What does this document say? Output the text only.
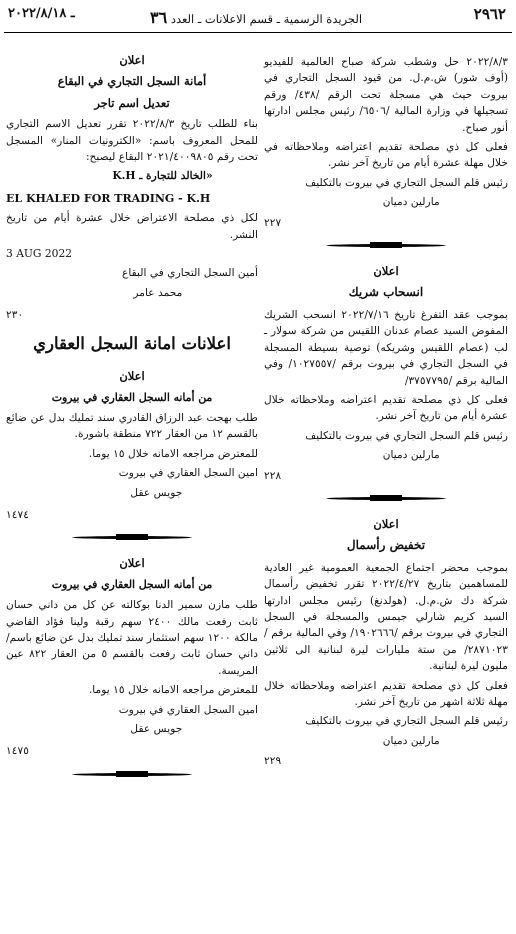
ـ ٢٠٢٢/٨/١٨	الجريدة الرسمية ـ قسم الاعلانات ـ العدد ٣٦	٢٩٦٢

٢٠٢٢/٨/٣ حل وشطب شركة صباح العالمية للفيديو (أوف شور) ش.م.ل. من قيود السجل التجاري في بيروت حيث هي مسجلة تحت الرقم /٤٣٨/ ورقم تسجيلها في وزارة المالية /٦٥٠٦/ رئيس مجلس ادارتها أنور صباح.

فعلى كل ذي مصلحة تقديم اعتراضه وملاحظاته في خلال مهلة عشرة أيام من تاريخ آخر نشر.

رئيس قلم السجل التجاري في بيروت بالتكليف

مارلين دميان

٢٢٧

اعلان

انسحاب شريك

بموجب عقد التفرغ تاريخ ٢٠٢٢/٧/١٦ انسحب الشريك المفوض السيد عصام عدنان اللقيس من شركة سولار ـ لب (عصام اللقيس وشريكه) توصية بسيطة المسجلة في السجل التجاري في بيروت برقم /١٠٢٧٥٥٧/ وفي المالية برقم /٣٧٥٧٧٩٥/

فعلى كل ذي مصلحة تقديم اعتراضه وملاحظاته خلال عشرة أيام من تاريخ آخر نشر.

رئيس قلم السجل التجاري في بيروت بالتكليف

مارلين دميان

٢٢٨

اعلان

تخفيض رأسمال

بموجب محضر اجتماع الجمعية العمومية غير العادية للمساهمين بتاريخ ٢٠٢٢/٤/٢٧ تقرر تخفيض رأسمال شركة دك ش.م.ل. (هولدنغ) رئيس مجلس ادارتها السيد كريم شارلي جيمس والمسجلة في السجل التجاري في بيروت برقم /١٩٠٢٦٦٦/ وفي المالية برقم /٢٨٧١٠٢٣/ من ستة مليارات ليرة لبنانية الى ثلاثين مليون ليرة لبنانية.

فعلى كل ذي مصلحة تقديم اعتراضه وملاحظاته خلال مهلة ثلاثة اشهر من تاريخ آخر نشر.

رئيس قلم السجل التجاري في بيروت بالتكليف

مارلين دميان

٢٢٩

اعلان

أمانة السجل التجاري في البقاع

تعديل اسم تاجر

بناء للطلب تاريخ ٢٠٢٢/٨/٣ تقرر تعديل الاسم التجاري للمحل المعروف باسم: «الكترونيات المنار» المسجل تحت رقم ٢٠٢١/٤٠٠٩٨٠٥ البقاع ليصبح:

«الخالد للتجارة ـ K.H

EL KHALED FOR TRADING - K.H

لكل ذي مصلحة الاعتراض خلال عشرة أيام من تاريخ النشر.

3 AUG 2022

أمين السجل التجاري في البقاع

محمد عامر

٢٣٠

اعلانات امانة السجل العقاري

اعلان

من أمانه السجل العقاري في بيروت

طلب بهجت عبد الرزاق القادري سند تمليك بدل عن ضائع بالقسم ١٢ من العقار ٧٢٢ منطقة باشورة.

للمعترض مراجعه الامانه خلال ١٥ يوما.

امين السجل العقاري في بيروت

جويس عقل

١٤٧٤

اعلان

من أمانه السجل العقاري في بيروت

طلب مازن سمير الدنا بوكالته عن كل من داني حسان ثابت رفعت مالك ٢٤٠٠ سهم رقبة ولينا فؤاد القاضي مالكة ١٢٠٠ سهم استثمار سند تمليك بدل عن ضائع باسم/ داني حسان ثابت رفعت بالقسم ٥ من العقار ٨٢٢ عين المريسة.

للمعترض مراجعه الامانه خلال ١٥ يوما.

امين السجل العقاري في بيروت

جويس عقل

١٤٧٥
